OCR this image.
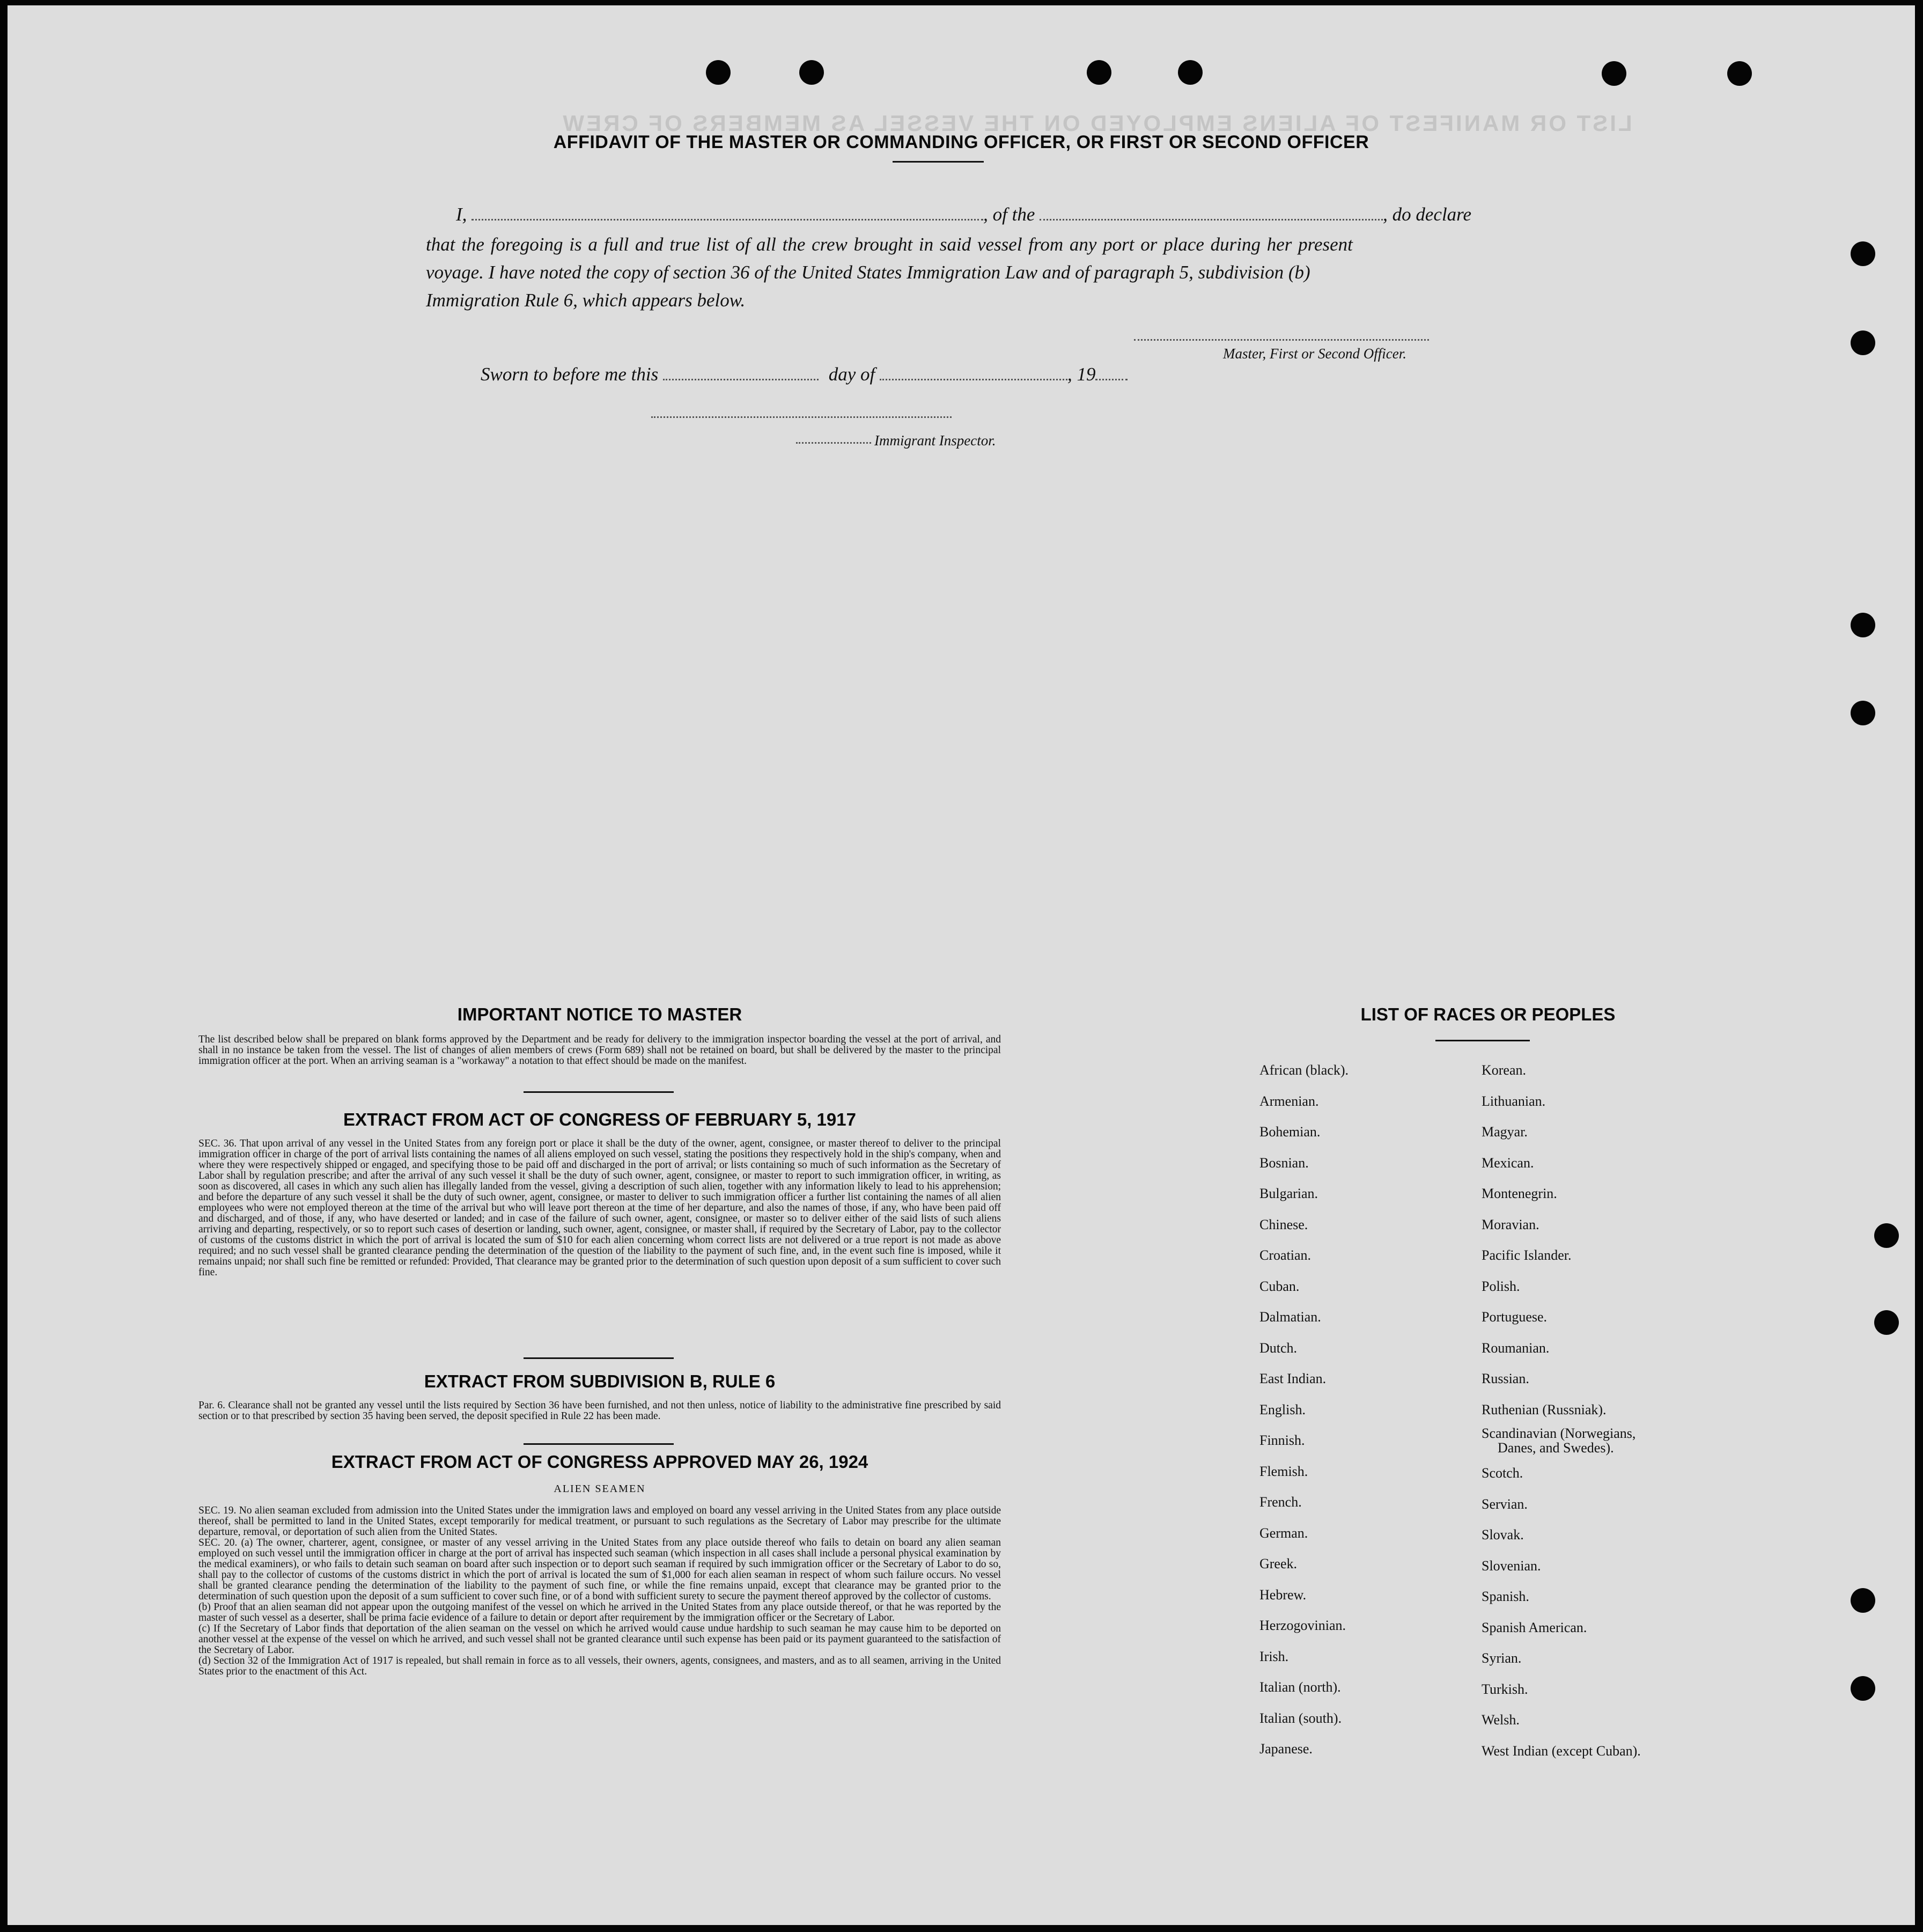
LIST OR MANIFEST OF ALIENS EMPLOYED ON THE VESSEL AS MEMBERS OF CREW
AFFIDAVIT OF THE MASTER OR COMMANDING OFFICER, OR FIRST OR SECOND OFFICER
I,	, of the	, do declare
that the foregoing is a full and true list of all the crew brought in said vessel from any port or place during her present
voyage. I have noted the copy of section 36 of the United States Immigration Law and of paragraph 5, subdivision (b)
Immigration Rule 6, which appears below.
Master, First or Second Officer.
Sworn to before me this	day of	, 19
Immigrant Inspector.
IMPORTANT NOTICE TO MASTER
The list described below shall be prepared on blank forms approved by the Department and be ready for delivery to the immigration inspector boarding the vessel at the port of arrival, and shall in no instance be taken from the vessel. The list of changes of alien members of crews (Form 689) shall not be retained on board, but shall be delivered by the master to the principal immigration officer at the port. When an arriving seaman is a "workaway" a notation to that effect should be made on the manifest.
EXTRACT FROM ACT OF CONGRESS OF FEBRUARY 5, 1917
SEC. 36. That upon arrival of any vessel in the United States from any foreign port or place it shall be the duty of the owner, agent, consignee, or master thereof to deliver to the principal immigration officer in charge of the port of arrival lists containing the names of all aliens employed on such vessel, stating the positions they respectively hold in the ship's company, when and where they were respectively shipped or engaged, and specifying those to be paid off and discharged in the port of arrival; or lists containing so much of such information as the Secretary of Labor shall by regulation prescribe; and after the arrival of any such vessel it shall be the duty of such owner, agent, consignee, or master to report to such immigration officer, in writing, as soon as discovered, all cases in which any such alien has illegally landed from the vessel, giving a description of such alien, together with any information likely to lead to his apprehension; and before the departure of any such vessel it shall be the duty of such owner, agent, consignee, or master to deliver to such immigration officer a further list containing the names of all alien employees who were not employed thereon at the time of the arrival but who will leave port thereon at the time of her departure, and also the names of those, if any, who have been paid off and discharged, and of those, if any, who have deserted or landed; and in case of the failure of such owner, agent, consignee, or master so to deliver either of the said lists of such aliens arriving and departing, respectively, or so to report such cases of desertion or landing, such owner, agent, consignee, or master shall, if required by the Secretary of Labor, pay to the collector of customs of the customs district in which the port of arrival is located the sum of $10 for each alien concerning whom correct lists are not delivered or a true report is not made as above required; and no such vessel shall be granted clearance pending the determination of the question of the liability to the payment of such fine, and, in the event such fine is imposed, while it remains unpaid; nor shall such fine be remitted or refunded: Provided, That clearance may be granted prior to the determination of such question upon deposit of a sum sufficient to cover such fine.
EXTRACT FROM SUBDIVISION B, RULE 6
Par. 6. Clearance shall not be granted any vessel until the lists required by Section 36 have been furnished, and not then unless, notice of liability to the administrative fine prescribed by said section or to that prescribed by section 35 having been served, the deposit specified in Rule 22 has been made.
EXTRACT FROM ACT OF CONGRESS APPROVED MAY 26, 1924
ALIEN SEAMEN

SEC. 19. No alien seaman excluded from admission into the United States under the immigration laws and employed on board any vessel arriving in the United States from any place outside thereof, shall be permitted to land in the United States, except temporarily for medical treatment, or pursuant to such regulations as the Secretary of Labor may prescribe for the ultimate departure, removal, or deportation of such alien from the United States.

SEC. 20. (a) The owner, charterer, agent, consignee, or master of any vessel arriving in the United States from any place outside thereof who fails to detain on board any alien seaman employed on such vessel until the immigration officer in charge at the port of arrival has inspected such seaman (which inspection in all cases shall include a personal physical examination by the medical examiners), or who fails to detain such seaman on board after such inspection or to deport such seaman if required by such immigration officer or the Secretary of Labor to do so, shall pay to the collector of customs of the customs district in which the port of arrival is located the sum of $1,000 for each alien seaman in respect of whom such failure occurs. No vessel shall be granted clearance pending the determination of the liability to the payment of such fine, or while the fine remains unpaid, except that clearance may be granted prior to the determination of such question upon the deposit of a sum sufficient to cover such fine, or of a bond with sufficient surety to secure the payment thereof approved by the collector of customs.

(b) Proof that an alien seaman did not appear upon the outgoing manifest of the vessel on which he arrived in the United States from any place outside thereof, or that he was reported by the master of such vessel as a deserter, shall be prima facie evidence of a failure to detain or deport after requirement by the immigration officer or the Secretary of Labor.

(c) If the Secretary of Labor finds that deportation of the alien seaman on the vessel on which he arrived would cause undue hardship to such seaman he may cause him to be deported on another vessel at the expense of the vessel on which he arrived, and such vessel shall not be granted clearance until such expense has been paid or its payment guaranteed to the satisfaction of the Secretary of Labor.

(d) Section 32 of the Immigration Act of 1917 is repealed, but shall remain in force as to all vessels, their owners, agents, consignees, and masters, and as to all seamen, arriving in the United States prior to the enactment of this Act.

LIST OF RACES OR PEOPLES
African (black).
Armenian.
Bohemian.
Bosnian.
Bulgarian.
Chinese.
Croatian.
Cuban.
Dalmatian.
Dutch.
East Indian.
English.
Finnish.
Flemish.
French.
German.
Greek.
Hebrew.
Herzogovinian.
Irish.
Italian (north).
Italian (south).
Japanese.
Korean.
Lithuanian.
Magyar.
Mexican.
Montenegrin.
Moravian.
Pacific Islander.
Polish.
Portuguese.
Roumanian.
Russian.
Ruthenian (Russniak).
Scandinavian (Norwegians,
Danes, and Swedes).
Scotch.
Servian.
Slovak.
Slovenian.
Spanish.
Spanish American.
Syrian.
Turkish.
Welsh.
West Indian (except Cuban).
